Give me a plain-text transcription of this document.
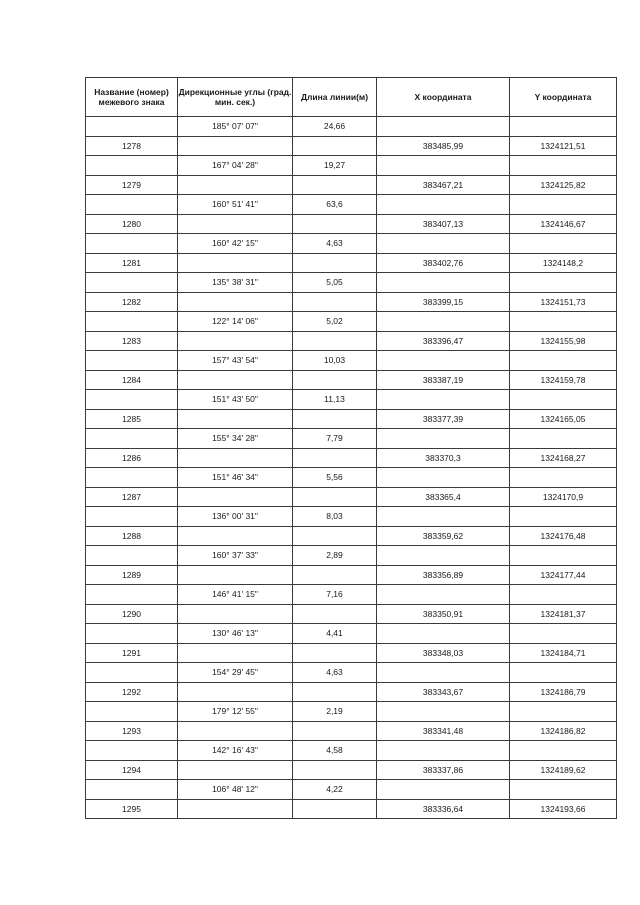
Название (номер) межевого знака	Дирекционные углы (град. мин. сек.)	Длина линии(м)	X координата	Y координата
	185° 07' 07"	24,66		
1278			383485,99	1324121,51
	167° 04' 28"	19,27		
1279			383467,21	1324125,82
	160° 51' 41"	63,6		
1280			383407,13	1324146,67
	160° 42' 15"	4,63		
1281			383402,76	1324148,2
	135° 38' 31"	5,05		
1282			383399,15	1324151,73
	122° 14' 06"	5,02		
1283			383396,47	1324155,98
	157° 43' 54"	10,03		
1284			383387,19	1324159,78
	151° 43' 50"	11,13		
1285			383377,39	1324165,05
	155° 34' 28"	7,79		
1286			383370,3	1324168,27
	151° 46' 34"	5,56		
1287			383365,4	1324170,9
	136° 00' 31"	8,03		
1288			383359,62	1324176,48
	160° 37' 33"	2,89		
1289			383356,89	1324177,44
	146° 41' 15"	7,16		
1290			383350,91	1324181,37
	130° 46' 13"	4,41		
1291			383348,03	1324184,71
	154° 29' 45"	4,63		
1292			383343,67	1324186,79
	179° 12' 55"	2,19		
1293			383341,48	1324186,82
	142° 16' 43"	4,58		
1294			383337,86	1324189,62
	106° 48' 12"	4,22		
1295			383336,64	1324193,66
